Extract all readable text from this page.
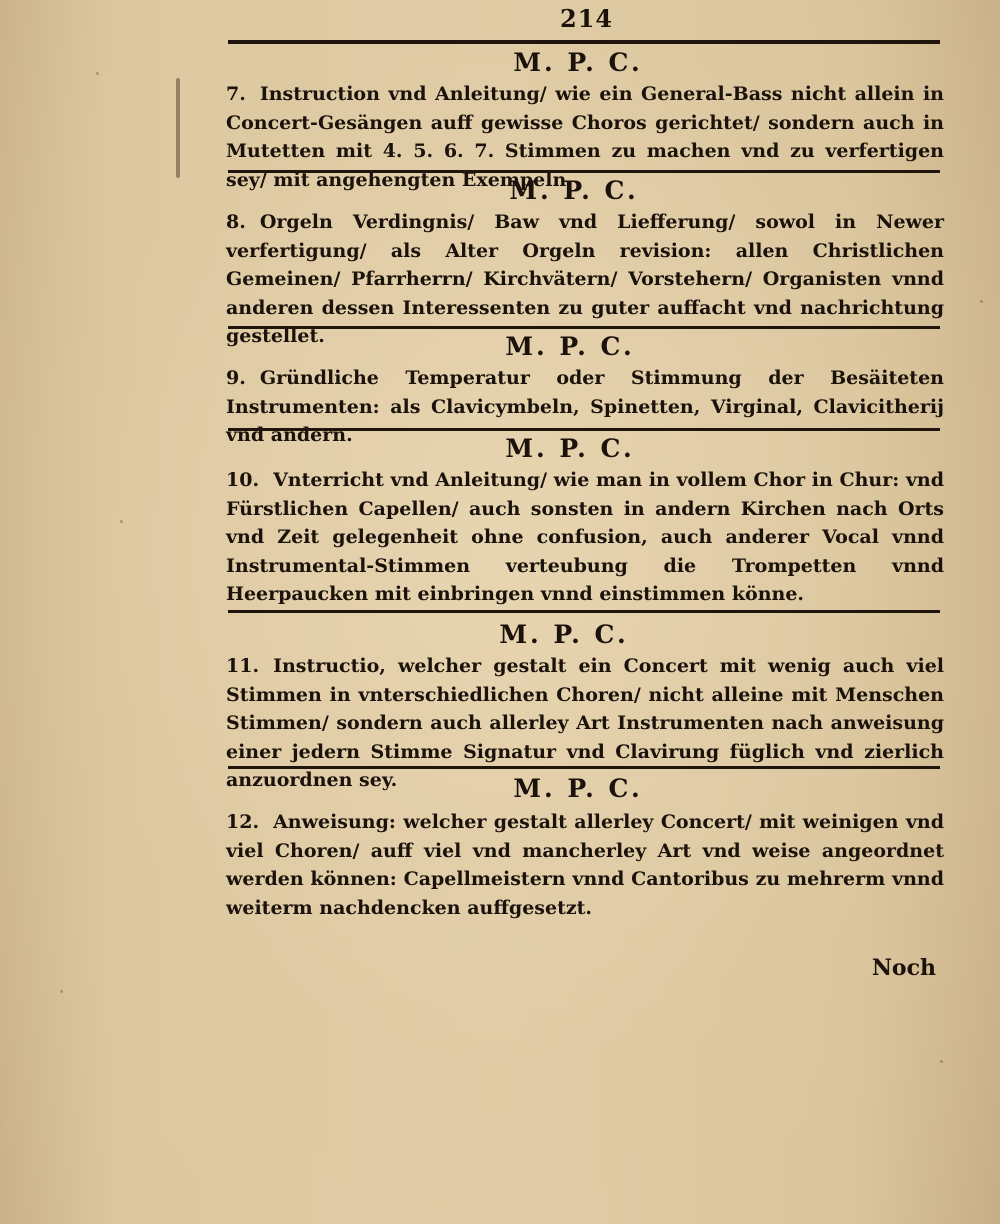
214
M. P. C.
7. Instruction vnd Anleitung/ wie ein General-Bass nicht allein in Concert-Gesängen auff gewisse Choros gerichtet/ sondern auch in Mutetten mit 4. 5. 6. 7. Stimmen zu machen vnd zu verfertigen sey/ mit angehengten Exempeln.
M. P. C.
8. Orgeln Verdingnis/ Baw vnd Liefferung/ sowol in Newer verfertigung/ als Alter Orgeln revision: allen Christlichen Gemeinen/ Pfarrherrn/ Kirchvätern/ Vorstehern/ Organisten vnnd anderen dessen Interessenten zu guter auffacht vnd nachrichtung gestellet.	M. P. C.
9. Gründliche Temperatur oder Stimmung der Besäiteten Instrumenten: als Clavicymbeln, Spinetten, Virginal, Clavicitherij vnd andern.	M. P. C.
10. Vnterricht vnd Anleitung/ wie man in vollem Chor in Chur: vnd Fürstlichen Capellen/ auch sonsten in andern Kirchen nach Orts vnd Zeit gelegenheit ohne confusion, auch anderer Vocal vnnd Instrumental-Stimmen verteubung die Trompetten vnnd Heerpaucken mit einbringen vnnd einstimmen könne.
M. P. C.
11. Instructio, welcher gestalt ein Concert mit wenig auch viel Stimmen in vnterschiedlichen Choren/ nicht alleine mit Menschen Stimmen/ sondern auch allerley Art Instrumenten nach anweisung einer jedern Stimme Signatur vnd Clavirung füglich vnd zierlich anzuordnen sey.	M. P. C.
12. Anweisung: welcher gestalt allerley Concert/ mit weinigen vnd viel Choren/ auff viel vnd mancherley Art vnd weise angeordnet werden können: Capellmeistern vnnd Cantoribus zu mehrerm vnnd weiterm nachdencken auffgesetzt.
Noch
